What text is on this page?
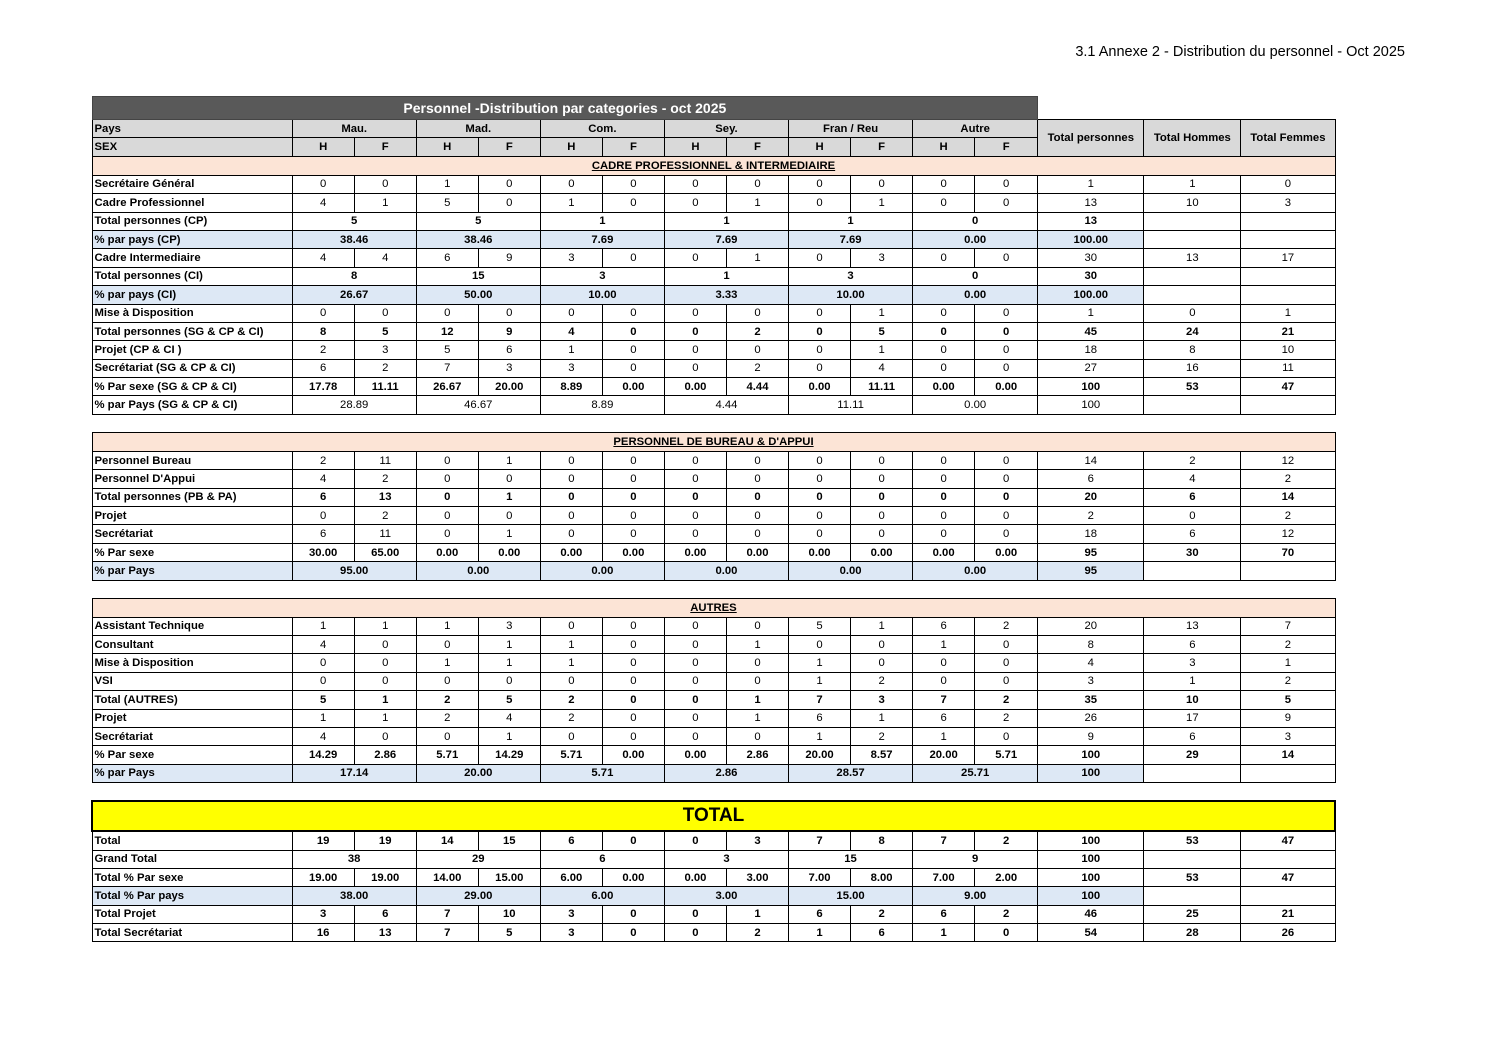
3.1 Annexe 2 - Distribution du personnel - Oct 2025
Personnel -Distribution par categories - oct 2025															
Pays	Mau.		Mad.		Com.		Sey.		Fran / Reu		Autre		Total personnes	Total Hommes	Total Femmes
SEX	H	F	H	F	H	F	H	F	H	F	H	F			
CADRE PROFESSIONNEL & INTERMEDIAIRE															
Secrétaire Général	0	0	1	0	0	0	0	0	0	0	0	0	1	1	0
Cadre Professionnel	4	1	5	0	1	0	0	1	0	1	0	0	13	10	3
Total personnes (CP)	5		5		1		1		1		0		13		
% par pays (CP)	38.46		38.46		7.69		7.69		7.69		0.00		100.00		
Cadre Intermediaire	4	4	6	9	3	0	0	1	0	3	0	0	30	13	17
Total personnes (CI)	8		15		3		1		3		0		30		
% par pays (CI)	26.67		50.00		10.00		3.33		10.00		0.00		100.00		
Mise à Disposition	0	0	0	0	0	0	0	0	0	1	0	0	1	0	1
Total personnes (SG & CP & CI)	8	5	12	9	4	0	0	2	0	5	0	0	45	24	21
Projet (CP & CI )	2	3	5	6	1	0	0	0	0	1	0	0	18	8	10
Secrétariat (SG & CP & CI)	6	2	7	3	3	0	0	2	0	4	0	0	27	16	11
% Par sexe (SG & CP & CI)	17.78	11.11	26.67	20.00	8.89	0.00	0.00	4.44	0.00	11.11	0.00	0.00	100	53	47
% par Pays (SG & CP & CI)	28.89		46.67		8.89		4.44		11.11		0.00		100		

PERSONNEL DE BUREAU & D'APPUI															
Personnel Bureau	2	11	0	1	0	0	0	0	0	0	0	0	14	2	12
Personnel D'Appui	4	2	0	0	0	0	0	0	0	0	0	0	6	4	2
Total personnes (PB & PA)	6	13	0	1	0	0	0	0	0	0	0	0	20	6	14
Projet	0	2	0	0	0	0	0	0	0	0	0	0	2	0	2
Secrétariat	6	11	0	1	0	0	0	0	0	0	0	0	18	6	12
% Par sexe	30.00	65.00	0.00	0.00	0.00	0.00	0.00	0.00	0.00	0.00	0.00	0.00	95	30	70
% par Pays	95.00		0.00		0.00		0.00		0.00		0.00		95		

AUTRES															
Assistant Technique	1	1	1	3	0	0	0	0	5	1	6	2	20	13	7
Consultant	4	0	0	1	1	0	0	1	0	0	1	0	8	6	2
Mise à Disposition	0	0	1	1	1	0	0	0	1	0	0	0	4	3	1
VSI	0	0	0	0	0	0	0	0	1	2	0	0	3	1	2
Total (AUTRES)	5	1	2	5	2	0	0	1	7	3	7	2	35	10	5
Projet	1	1	2	4	2	0	0	1	6	1	6	2	26	17	9
Secrétariat	4	0	0	1	0	0	0	0	1	2	1	0	9	6	3
% Par sexe	14.29	2.86	5.71	14.29	5.71	0.00	0.00	2.86	20.00	8.57	20.00	5.71	100	29	14
% par Pays	17.14		20.00		5.71		2.86		28.57		25.71		100		

TOTAL															
Total	19	19	14	15	6	0	0	3	7	8	7	2	100	53	47
Grand Total	38		29		6		3		15		9		100		
Total % Par sexe	19.00	19.00	14.00	15.00	6.00	0.00	0.00	3.00	7.00	8.00	7.00	2.00	100	53	47
Total % Par pays	38.00		29.00		6.00		3.00		15.00		9.00		100		
Total Projet	3	6	7	10	3	0	0	1	6	2	6	2	46	25	21
Total Secrétariat	16	13	7	5	3	0	0	2	1	6	1	0	54	28	26
